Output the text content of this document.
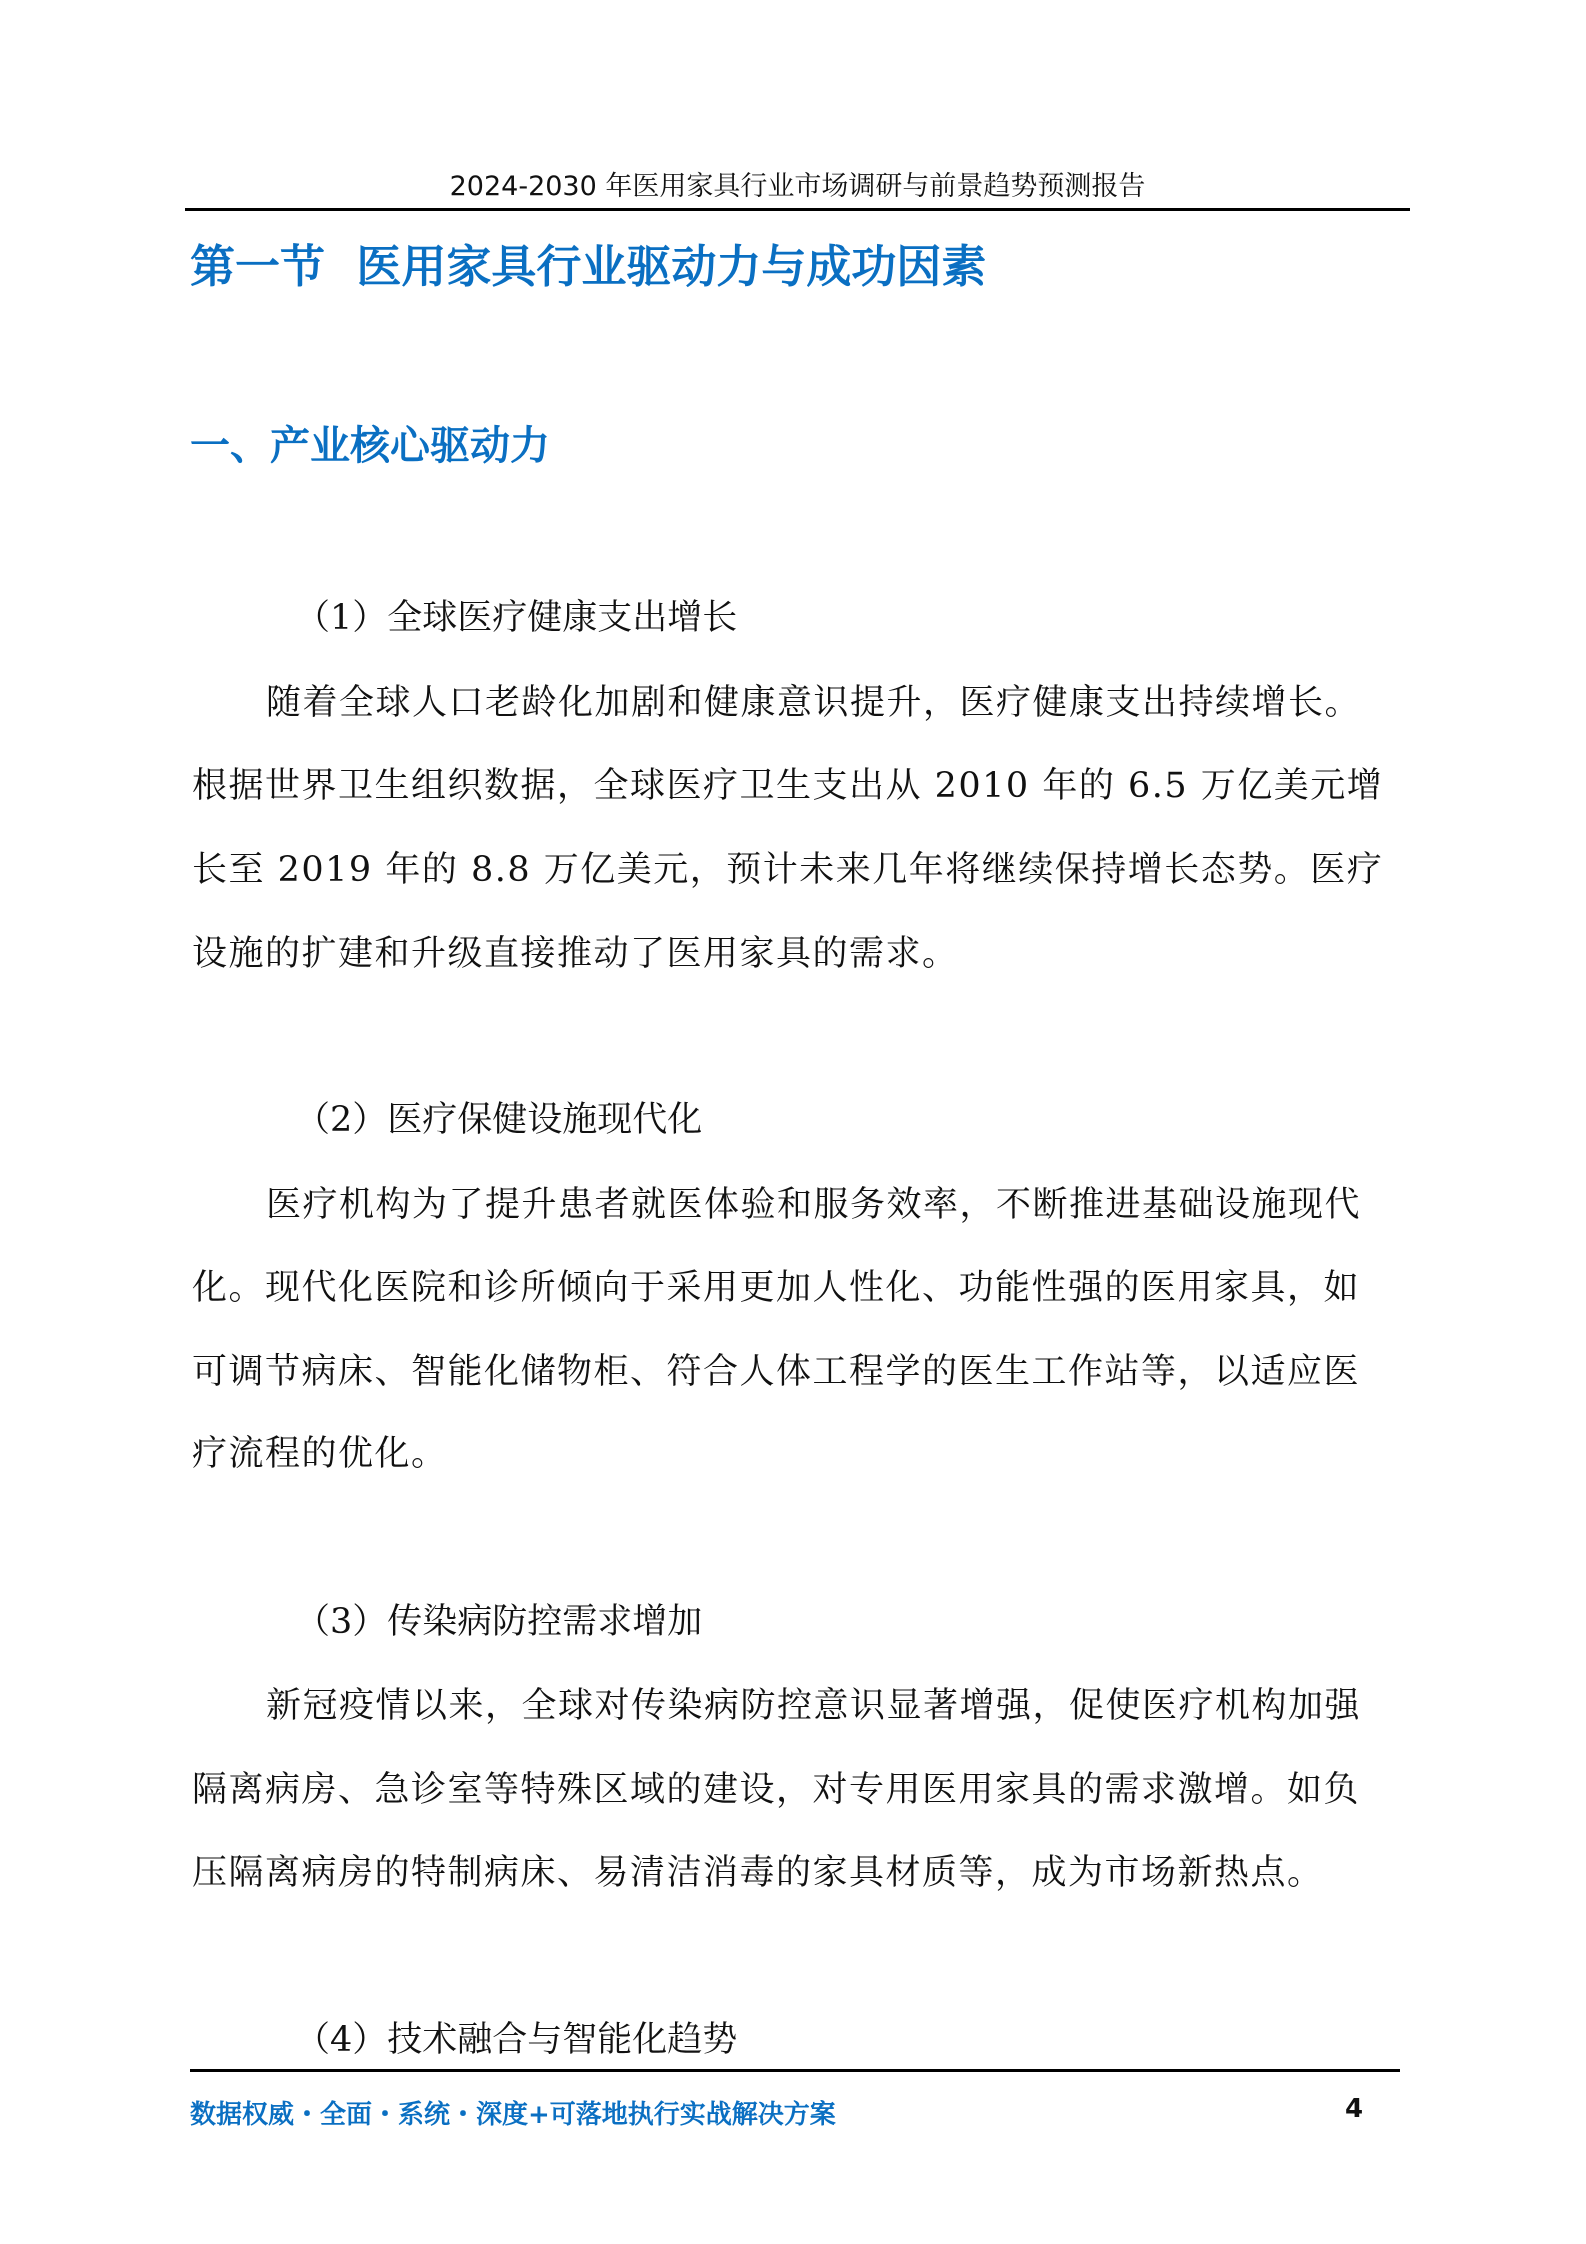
2024-2030 年医用家具行业市场调研与前景趋势预测报告
第一节  医用家具行业驱动力与成功因素
一、产业核心驱动力
（1）全球医疗健康支出增长
随着全球人口老龄化加剧和健康意识提升，医疗健康支出持续增长。
根据世界卫生组织数据，全球医疗卫生支出从 2010 年的 6.5 万亿美元增
长至 2019 年的 8.8 万亿美元，预计未来几年将继续保持增长态势。医疗
设施的扩建和升级直接推动了医用家具的需求。
（2）医疗保健设施现代化
医疗机构为了提升患者就医体验和服务效率，不断推进基础设施现代
化。现代化医院和诊所倾向于采用更加人性化、功能性强的医用家具，如
可调节病床、智能化储物柜、符合人体工程学的医生工作站等，以适应医
疗流程的优化。
（3）传染病防控需求增加
新冠疫情以来，全球对传染病防控意识显著增强，促使医疗机构加强
隔离病房、急诊室等特殊区域的建设，对专用医用家具的需求激增。如负
压隔离病房的特制病床、易清洁消毒的家具材质等，成为市场新热点。
（4）技术融合与智能化趋势
数据权威・全面・系统・深度+可落地执行实战解决方案	4
